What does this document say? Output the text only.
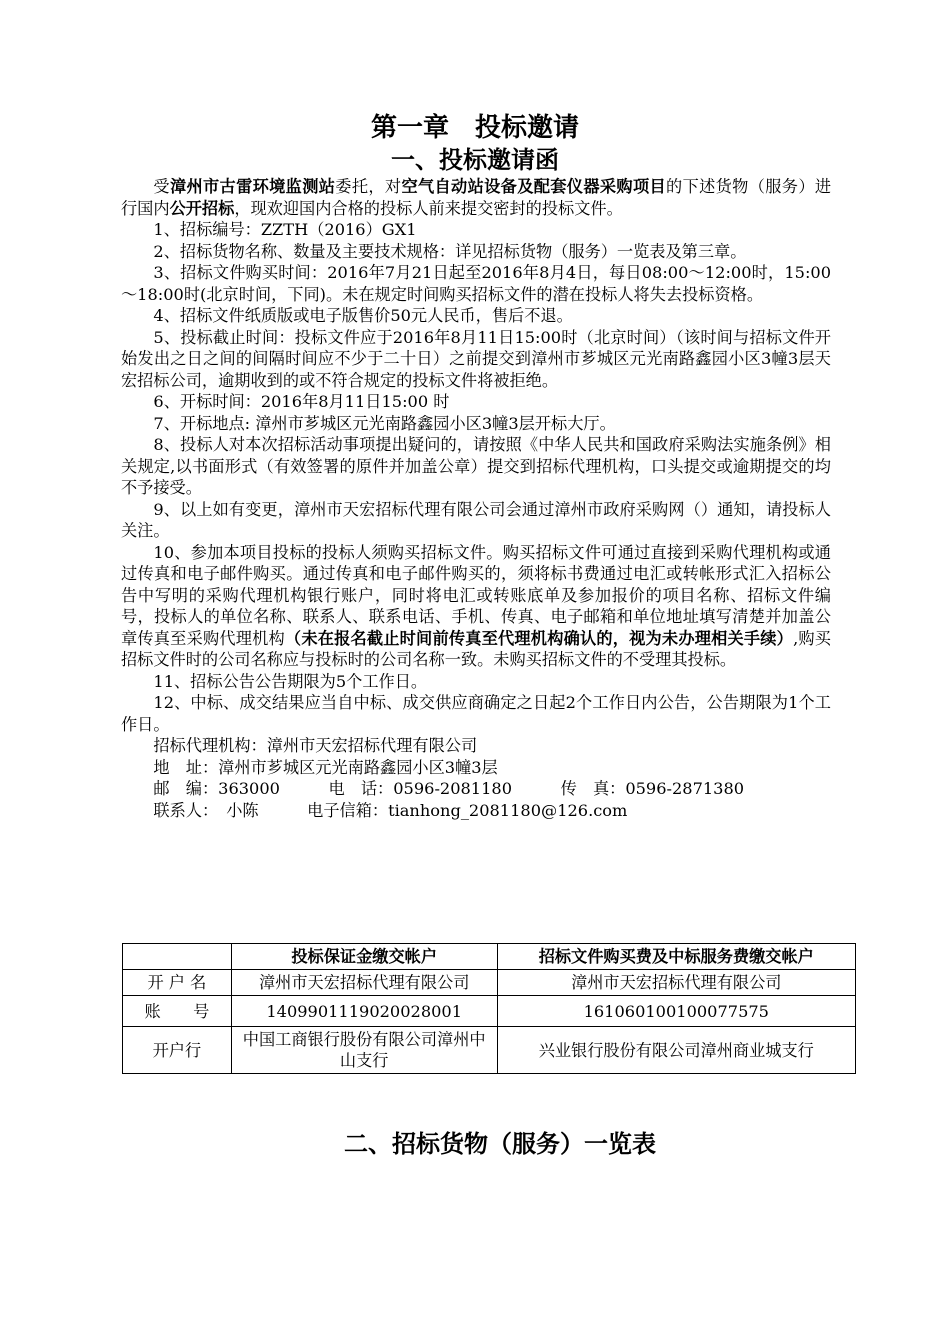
第一章　投标邀请
一、投标邀请函

受漳州市古雷环境监测站委托，对空气自动站设备及配套仪器采购项目的下述货物（服务）进行国内公开招标，现欢迎国内合格的投标人前来提交密封的投标文件。

1、招标编号：ZZTH（2016）GX1

2、招标货物名称、数量及主要技术规格：详见招标货物（服务）一览表及第三章。

3、招标文件购买时间：2016年7月21日起至2016年8月4日，每日08:00～12:00时，15:00～18:00时(北京时间，下同)。未在规定时间购买招标文件的潜在投标人将失去投标资格。

4、招标文件纸质版或电子版售价50元人民币，售后不退。

5、投标截止时间：投标文件应于2016年8月11日15:00时（北京时间）（该时间与招标文件开始发出之日之间的间隔时间应不少于二十日）之前提交到漳州市芗城区元光南路鑫园小区3幢3层天宏招标公司，逾期收到的或不符合规定的投标文件将被拒绝。

6、开标时间：2016年8月11日15:00 时

7、开标地点: 漳州市芗城区元光南路鑫园小区3幢3层开标大厅。

8、投标人对本次招标活动事项提出疑问的，请按照《中华人民共和国政府采购法实施条例》相关规定,以书面形式（有效签署的原件并加盖公章）提交到招标代理机构，口头提交或逾期提交的均不予接受。

9、以上如有变更，漳州市天宏招标代理有限公司会通过漳州市政府采购网（）通知，请投标人关注。

10、参加本项目投标的投标人须购买招标文件。购买招标文件可通过直接到采购代理机构或通过传真和电子邮件购买。通过传真和电子邮件购买的，须将标书费通过电汇或转帐形式汇入招标公告中写明的采购代理机构银行账户，同时将电汇或转账底单及参加报价的项目名称、招标文件编号，投标人的单位名称、联系人、联系电话、手机、传真、电子邮箱和单位地址填写清楚并加盖公章传真至采购代理机构（未在报名截止时间前传真至代理机构确认的，视为未办理相关手续）,购买招标文件时的公司名称应与投标时的公司名称一致。未购买招标文件的不受理其投标。

11、招标公告公告期限为5个工作日。

12、中标、成交结果应当自中标、成交供应商确定之日起2个工作日内公告，公告期限为1个工作日。

招标代理机构：漳州市天宏招标代理有限公司

地　址：漳州市芗城区元光南路鑫园小区3幢3层

邮　编：363000　　　电　话：0596-2081180　　　传　真：0596-2871380

联系人：　小陈　　　电子信箱：tianhong_2081180@126.com

	投标保证金缴交帐户	招标文件购买费及中标服务费缴交帐户
开 户 名	漳州市天宏招标代理有限公司	漳州市天宏招标代理有限公司
账　　号	140990111902002800​1	161060100100077575
开户行	中国工商银行股份有限公司漳州中山支行	兴业银行股份有限公司漳州商业城支行
二、招标货物（服务）一览表
